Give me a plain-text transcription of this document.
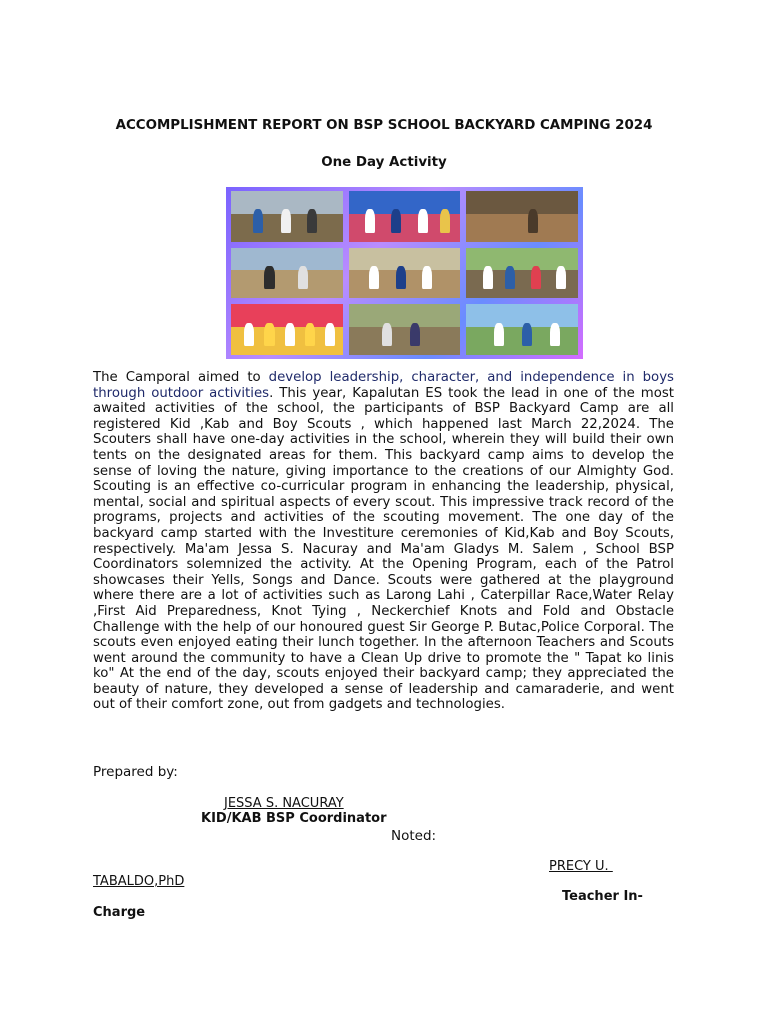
ACCOMPLISHMENT REPORT ON BSP SCHOOL BACKYARD CAMPING 2024
One Day Activity

The Camporal aimed to develop leadership, character, and independence in boys through outdoor activities. This year, Kapalutan ES took the lead in one of the most awaited activities of the school, the participants of BSP Backyard Camp are all registered Kid ,Kab and Boy Scouts , which happened last March 22,2024. The Scouters shall have one-day activities in the school, wherein they will build their own tents on the designated areas for them. This backyard camp aims to develop the sense of loving the nature, giving importance to the creations of our Almighty God. Scouting is an effective co-curricular program in enhancing the leadership, physical, mental, social and spiritual aspects of every scout. This impressive track record of the programs, projects and activities of the scouting movement. The one day of the backyard camp started with the Investiture ceremonies of Kid,Kab and Boy Scouts, respectively. Ma'am Jessa S. Nacuray and Ma'am Gladys M. Salem , School BSP Coordinators solemnized the activity. At the Opening Program, each of the Patrol showcases their Yells, Songs and Dance. Scouts were gathered at the playground where there are a lot of activities such as Larong Lahi , Caterpillar Race,Water Relay ,First Aid Preparedness, Knot Tying , Neckerchief Knots and Fold and Obstacle Challenge with the help of our honoured guest Sir George P. Butac,Police Corporal. The scouts even enjoyed eating their lunch together. In the afternoon Teachers and Scouts went around the community to have a Clean Up drive to promote the " Tapat ko linis ko" At the end of the day, scouts enjoyed their backyard camp; they appreciated the beauty of nature, they developed a sense of leadership and camaraderie, and went out of their comfort zone, out from gadgets and technologies.

Prepared by:
JESSA S. NACURAY
KID/KAB BSP Coordinator
Noted:
PRECY U.
TABALDO,PhD
Teacher In-
Charge
